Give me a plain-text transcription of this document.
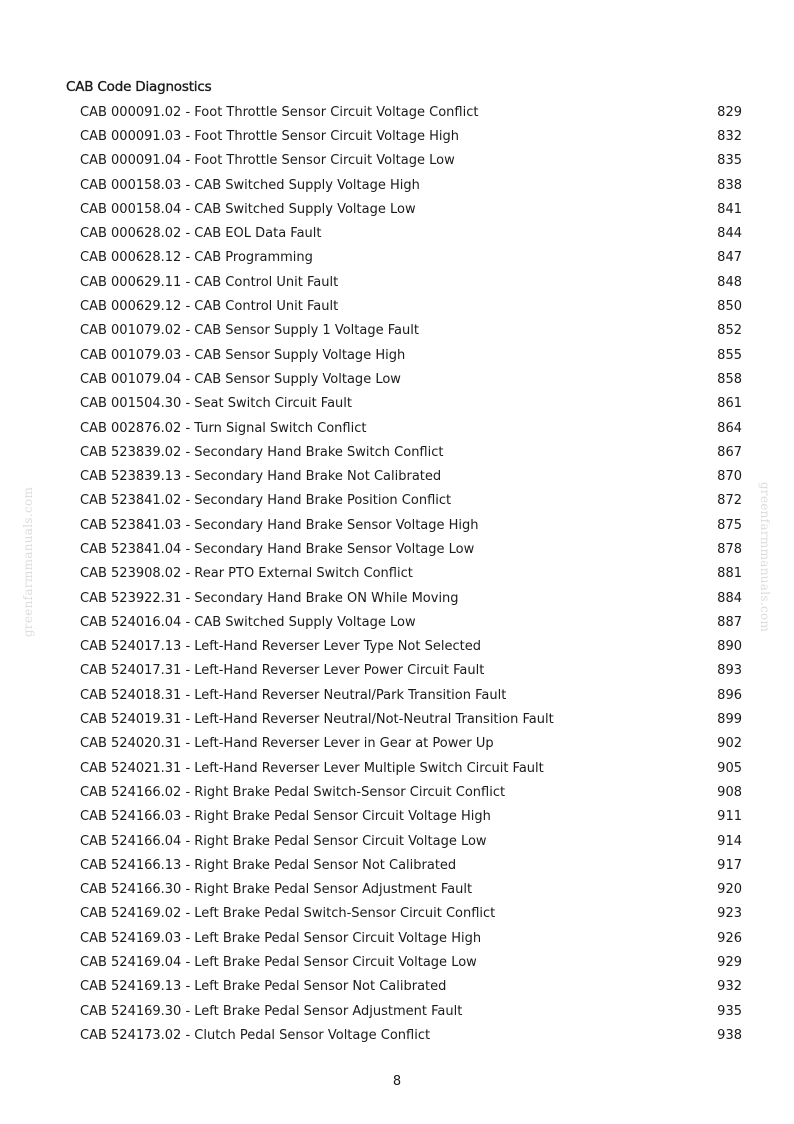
CAB Code Diagnostics
CAB 000091.02 - Foot Throttle Sensor Circuit Voltage Conflict	829
CAB 000091.03 - Foot Throttle Sensor Circuit Voltage High	832
CAB 000091.04 - Foot Throttle Sensor Circuit Voltage Low	835
CAB 000158.03 - CAB Switched Supply Voltage High	838
CAB 000158.04 - CAB Switched Supply Voltage Low	841
CAB 000628.02 - CAB EOL Data Fault	844
CAB 000628.12 - CAB Programming	847
CAB 000629.11 - CAB Control Unit Fault	848
CAB 000629.12 - CAB Control Unit Fault	850
CAB 001079.02 - CAB Sensor Supply 1 Voltage Fault	852
CAB 001079.03 - CAB Sensor Supply Voltage High	855
CAB 001079.04 - CAB Sensor Supply Voltage Low	858
CAB 001504.30 - Seat Switch Circuit Fault	861
CAB 002876.02 - Turn Signal Switch Conflict	864
CAB 523839.02 - Secondary Hand Brake Switch Conflict	867
CAB 523839.13 - Secondary Hand Brake Not Calibrated	870
CAB 523841.02 - Secondary Hand Brake Position Conflict	872
CAB 523841.03 - Secondary Hand Brake Sensor Voltage High	875
CAB 523841.04 - Secondary Hand Brake Sensor Voltage Low	878
CAB 523908.02 - Rear PTO External Switch Conflict	881
CAB 523922.31 - Secondary Hand Brake ON While Moving	884
CAB 524016.04 - CAB Switched Supply Voltage Low	887
CAB 524017.13 - Left-Hand Reverser Lever Type Not Selected	890
CAB 524017.31 - Left-Hand Reverser Lever Power Circuit Fault	893
CAB 524018.31 - Left-Hand Reverser Neutral/Park Transition Fault	896
CAB 524019.31 - Left-Hand Reverser Neutral/Not-Neutral Transition Fault	899
CAB 524020.31 - Left-Hand Reverser Lever in Gear at Power Up	902
CAB 524021.31 - Left-Hand Reverser Lever Multiple Switch Circuit Fault	905
CAB 524166.02 - Right Brake Pedal Switch-Sensor Circuit Conflict	908
CAB 524166.03 - Right Brake Pedal Sensor Circuit Voltage High	911
CAB 524166.04 - Right Brake Pedal Sensor Circuit Voltage Low	914
CAB 524166.13 - Right Brake Pedal Sensor Not Calibrated	917
CAB 524166.30 - Right Brake Pedal Sensor Adjustment Fault	920
CAB 524169.02 - Left Brake Pedal Switch-Sensor Circuit Conflict	923
CAB 524169.03 - Left Brake Pedal Sensor Circuit Voltage High	926
CAB 524169.04 - Left Brake Pedal Sensor Circuit Voltage Low	929
CAB 524169.13 - Left Brake Pedal Sensor Not Calibrated	932
CAB 524169.30 - Left Brake Pedal Sensor Adjustment Fault	935
CAB 524173.02 - Clutch Pedal Sensor Voltage Conflict	938
8
greenfarmmanuals.com	greenfarmmanuals.com
